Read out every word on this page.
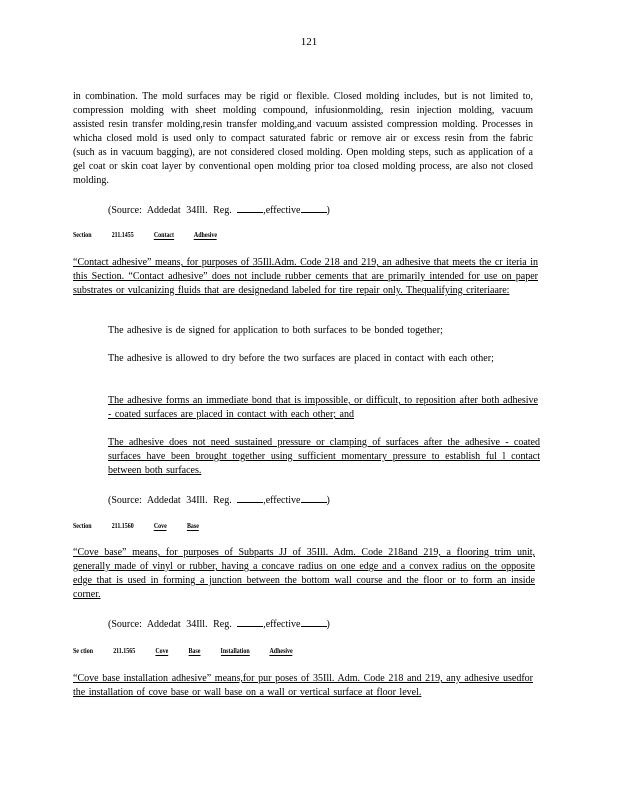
121
in combination. The mold surfaces may be rigid or flexible. Closed molding includes, but is not limited to, compression molding with sheet molding compound, infusionmolding, resin injection molding, vacuum assisted resin transfer molding,resin transfer molding,and vacuum assisted compression molding. Processes in whicha closed mold is used only to compact saturated fabric or remove air or excess resin from the fabric (such as in vacuum bagging), are not considered closed molding. Open molding steps, such as application of a gel coat or skin coat layer by conventional open molding prior toa closed molding process, are also not closed molding.
(Source: Addedat 34Ill. Reg.	,effective	)
Section	211.1455	Contact	Adhesive
“Contact adhesive” means, for purposes of 35Ill.Adm. Code 218 and 219, an adhesive that meets the cr iteria in this Section. “Contact adhesive” does not include rubber cements that are primarily intended for use on paper substrates or vulcanizing fluids that are designedand labeled for tire repair only. Thequalifying criteriaare:
The adhesive is de signed for application to both surfaces to be bonded together;
The adhesive is allowed to dry before the two surfaces are placed in contact with each other;
The adhesive forms an immediate bond that is impossible, or difficult, to reposition after both adhesive - coated surfaces are placed in contact with each other; and
The adhesive does not need sustained pressure or clamping of surfaces after the adhesive - coated surfaces have been brought together using sufficient momentary pressure to establish ful l contact between both surfaces.
(Source: Addedat 34Ill. Reg.	,effective	)
Section	211.1560	Cove	Base
“Cove base” means, for purposes of Subparts JJ of 35Ill. Adm. Code 218and 219, a flooring trim unit, generally made of vinyl or rubber, having a concave radius on one edge and a convex radius on the opposite edge that is used in forming a junction between the bottom wall course and the floor or to form an inside corner.
(Source: Addedat 34Ill. Reg.	,effective	)
Se ction	211.1565	Cove	Base	Installation	Adhesive
“Cove base installation adhesive” means,for pur poses of 35Ill. Adm. Code 218 and 219, any adhesive usedfor the installation of cove base or wall base on a wall or vertical surface at floor level.
